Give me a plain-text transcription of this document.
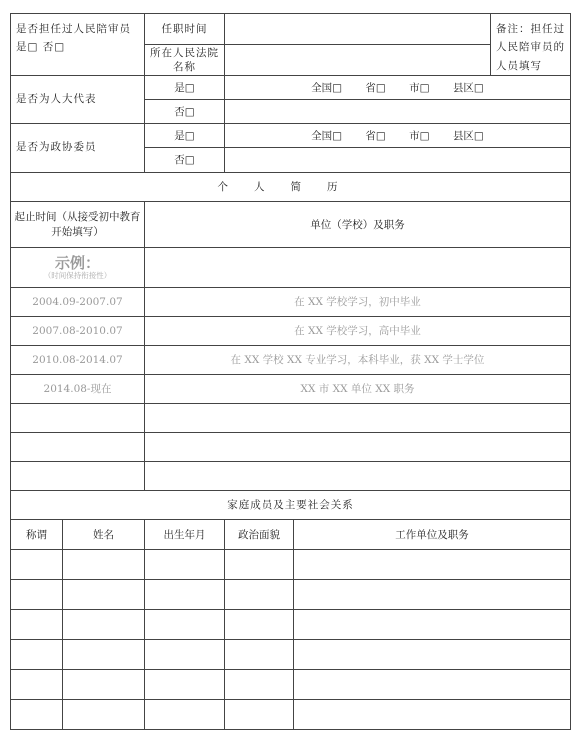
是否担任过人民陪审员
是□ 否□		任职时间			备注：担任过人民陪审员的人员填写
		所在人民法院名称			
是否为人大代表		是□	全国□ 省□ 市□ 县区□		
		否□			
是否为政协委员		是□	全国□ 省□ 市□ 县区□		
		否□			
个人简历					
起止时间（从接受初中教育开始填写）		单位（学校）及职务			

示例：
（时间保持衔接性）					

2004.09-2007.07		在 XX 学校学习，初中毕业			
2007.08-2010.07		在 XX 学校学习，高中毕业			
2010.08-2014.07		在 XX 学校 XX 专业学习，本科毕业，获 XX 学士学位			
2014.08-现在		XX 市 XX 单位 XX 职务			

家庭成员及主要社会关系					
称谓	姓名	出生年月	政治面貌	工作单位及职务	
